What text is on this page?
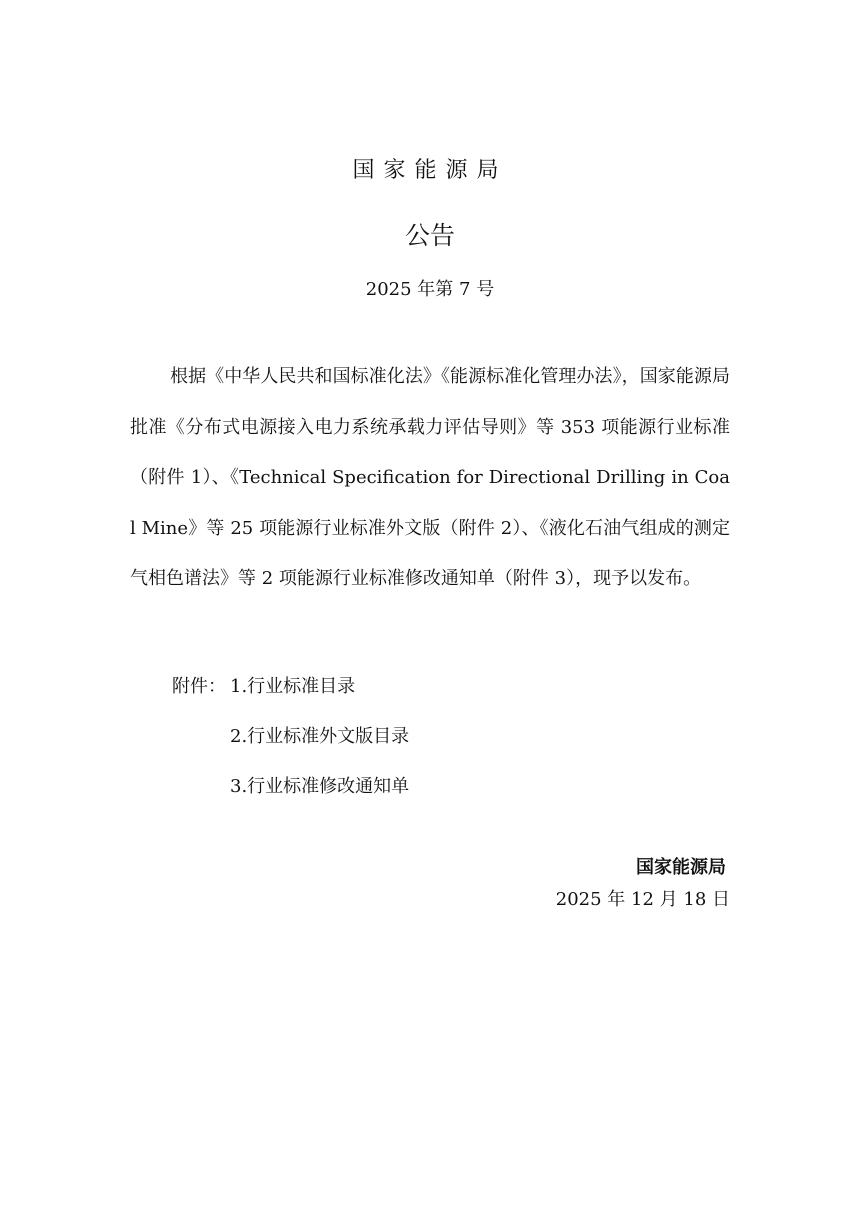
国家能源局
公告
2025 年第 7 号

根据《中华人民共和国标准化法》《能源标准化管理办法》，国家能源局批准《分布式电源接入电力系统承载力评估导则》等 353 项能源行业标准（附件 1）、《Technical Specification for Directional Drilling in Coal Mine》等 25 项能源行业标准外文版（附件 2）、《液化石油气组成的测定　气相色谱法》等 2 项能源行业标准修改通知单（附件 3），现予以发布。

附件： 1.行业标准目录
2.行业标准外文版目录
3.行业标准修改通知单
国家能源局
2025 年 12 月 18 日
